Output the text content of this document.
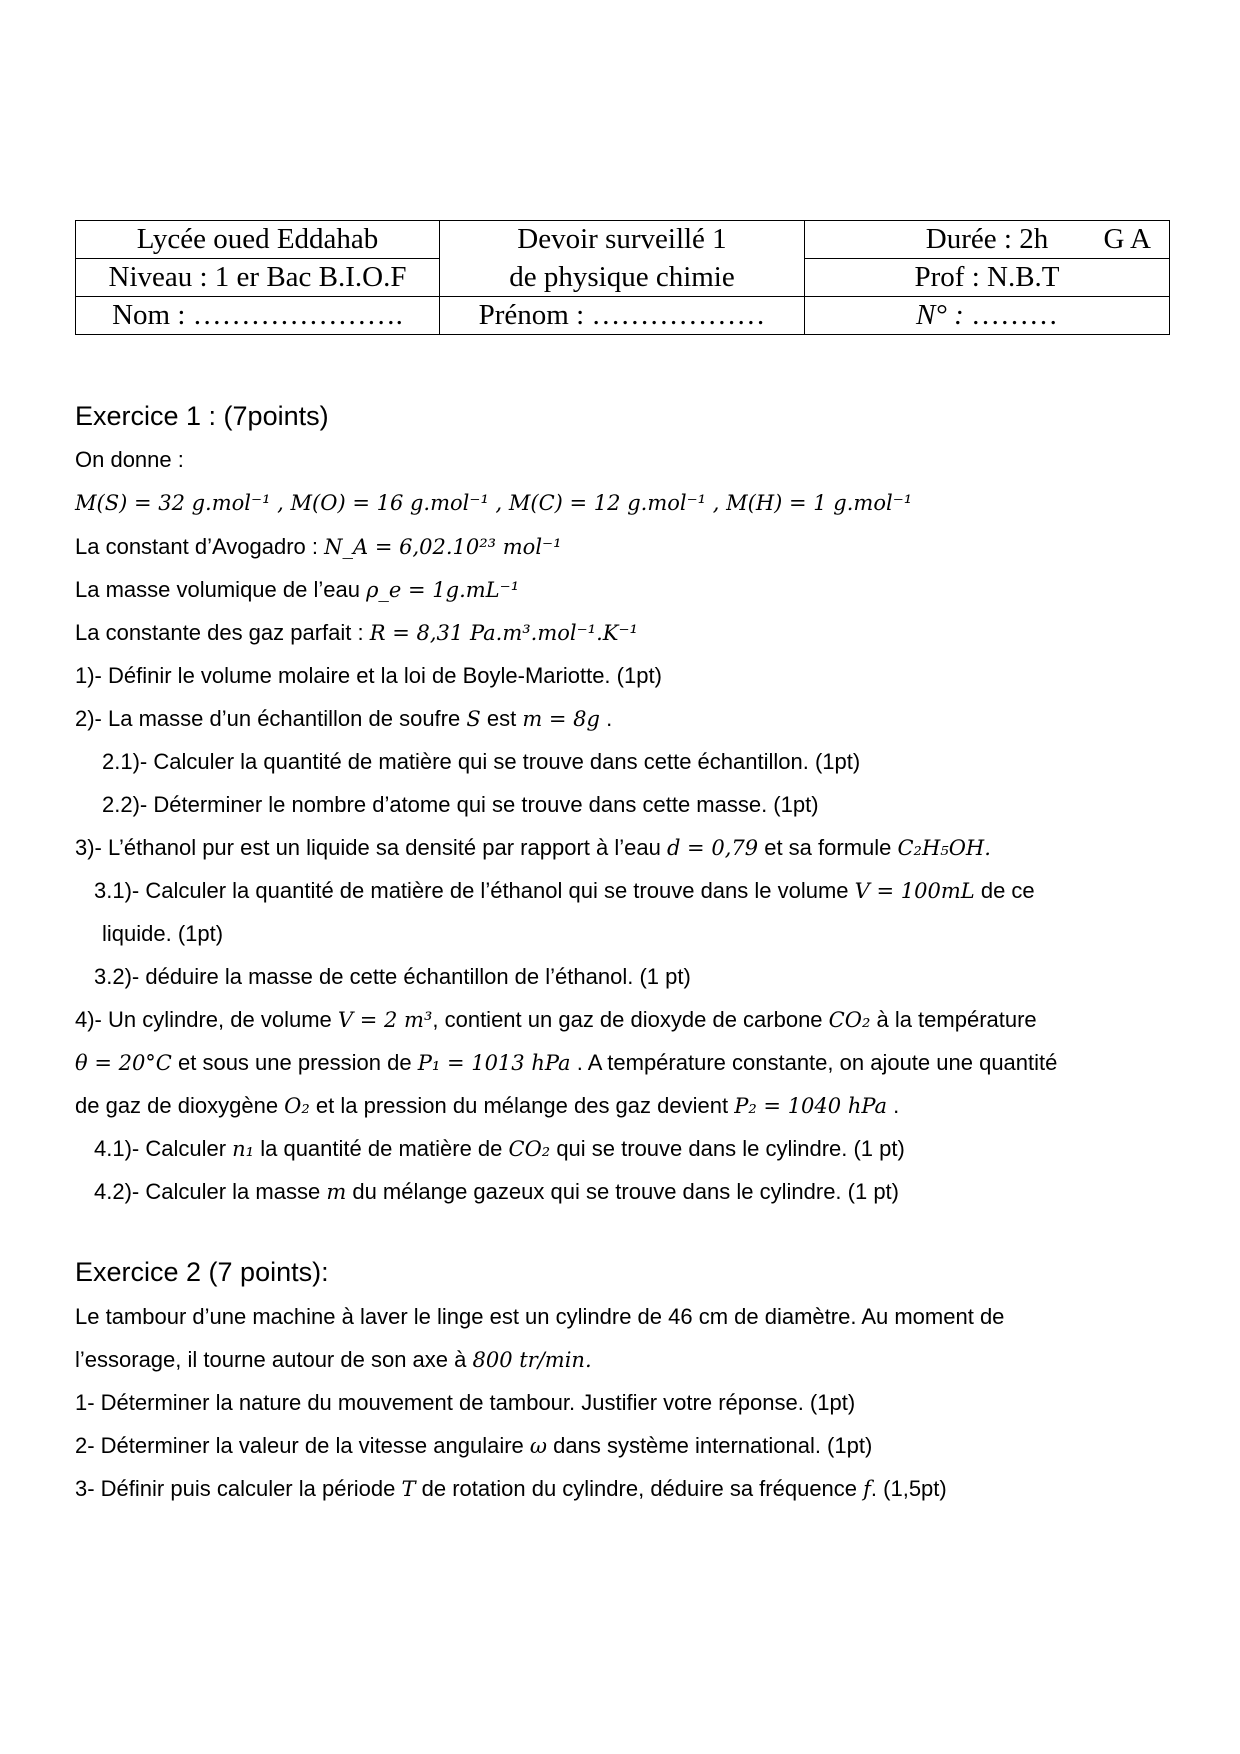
Lycée oued Eddahab	Devoir surveillé 1	Durée : 2h G A

Niveau : 1 er Bac B.I.O.F	de physique chimie	Prof : N.B.T
Nom : ………………….	Prénom : ………………	N° : ………
Exercice 1 : (7points)
On donne :
M(S) = 32 g.mol⁻¹ , M(O) = 16 g.mol⁻¹ , M(C) = 12 g.mol⁻¹ , M(H) = 1 g.mol⁻¹
La constant d’Avogadro : N_A = 6,02.10²³ mol⁻¹
La masse volumique de l’eau ρ_e = 1g.mL⁻¹
La constante des gaz parfait : R = 8,31 Pa.m³.mol⁻¹.K⁻¹
1)- Définir le volume molaire et la loi de Boyle-Mariotte. (1pt)
2)- La masse d’un échantillon de soufre S est m = 8g .
2.1)- Calculer la quantité de matière qui se trouve dans cette échantillon. (1pt)
2.2)- Déterminer le nombre d’atome qui se trouve dans cette masse. (1pt)
3)- L’éthanol pur est un liquide sa densité par rapport à l’eau d = 0,79 et sa formule C₂H₅OH.
3.1)- Calculer la quantité de matière de l’éthanol qui se trouve dans le volume V = 100mL de ce
liquide. (1pt)
3.2)- déduire la masse de cette échantillon de l’éthanol. (1 pt)
4)- Un cylindre, de volume V = 2 m³, contient un gaz de dioxyde de carbone CO₂ à la température
θ = 20°C et sous une pression de P₁ = 1013 hPa . A température constante, on ajoute une quantité
de gaz de dioxygène O₂ et la pression du mélange des gaz devient P₂ = 1040 hPa .
4.1)- Calculer n₁ la quantité de matière de CO₂ qui se trouve dans le cylindre. (1 pt)
4.2)- Calculer la masse m du mélange gazeux qui se trouve dans le cylindre. (1 pt)
Exercice 2 (7 points):
Le tambour d’une machine à laver le linge est un cylindre de 46 cm de diamètre. Au moment de
l’essorage, il tourne autour de son axe à 800 tr/min.
1- Déterminer la nature du mouvement de tambour. Justifier votre réponse. (1pt)
2- Déterminer la valeur de la vitesse angulaire ω dans système international. (1pt)
3- Définir puis calculer la période T de rotation du cylindre, déduire sa fréquence f. (1,5pt)
